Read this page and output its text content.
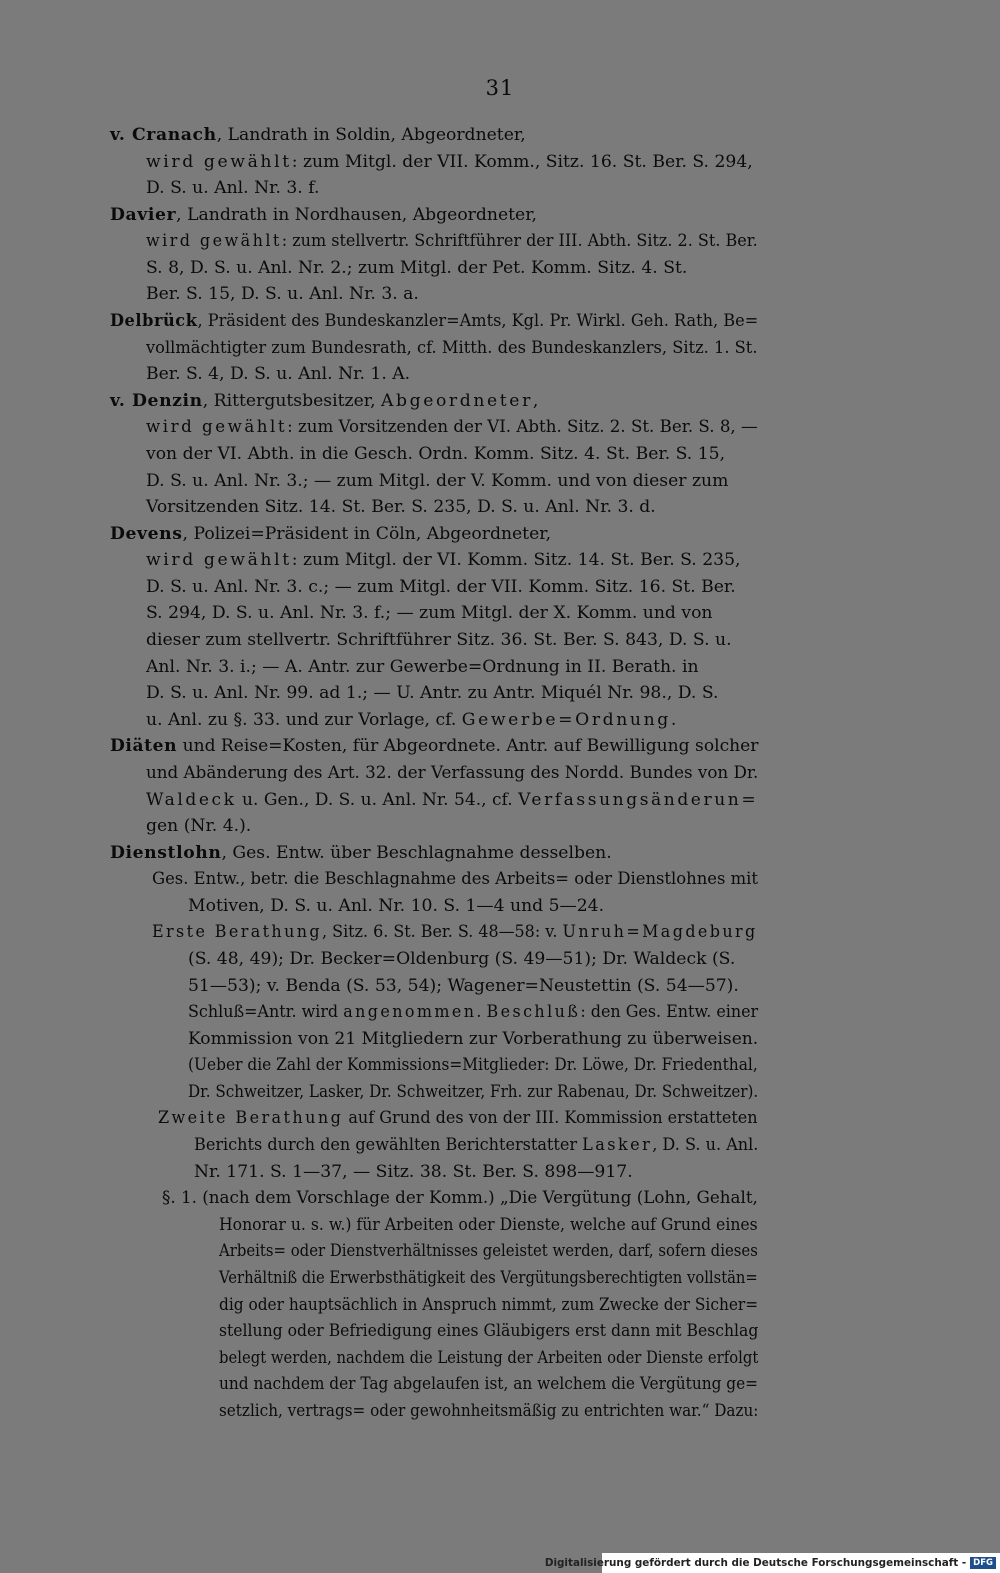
31
v. Cranach, Landrath in Soldin, Abgeordneter,
wird gewählt: zum Mitgl. der VII. Komm., Sitz. 16. St. Ber. S. 294,
D. S. u. Anl. Nr. 3. f.
Davier, Landrath in Nordhausen, Abgeordneter,
wird gewählt: zum stellvertr. Schriftführer der III. Abth. Sitz. 2. St. Ber.
S. 8, D. S. u. Anl. Nr. 2.; zum Mitgl. der Pet. Komm. Sitz. 4. St.
Ber. S. 15, D. S. u. Anl. Nr. 3. a.
Delbrück, Präsident des Bundeskanzler=Amts, Kgl. Pr. Wirkl. Geh. Rath, Be=
vollmächtigter zum Bundesrath, cf. Mitth. des Bundeskanzlers, Sitz. 1. St.
Ber. S. 4, D. S. u. Anl. Nr. 1. A.
v. Denzin, Rittergutsbesitzer, Abgeordneter,
wird gewählt: zum Vorsitzenden der VI. Abth. Sitz. 2. St. Ber. S. 8, —
von der VI. Abth. in die Gesch. Ordn. Komm. Sitz. 4. St. Ber. S. 15,
D. S. u. Anl. Nr. 3.; — zum Mitgl. der V. Komm. und von dieser zum
Vorsitzenden Sitz. 14. St. Ber. S. 235, D. S. u. Anl. Nr. 3. d.
Devens, Polizei=Präsident in Cöln, Abgeordneter,
wird gewählt: zum Mitgl. der VI. Komm. Sitz. 14. St. Ber. S. 235,
D. S. u. Anl. Nr. 3. c.; — zum Mitgl. der VII. Komm. Sitz. 16. St. Ber.
S. 294, D. S. u. Anl. Nr. 3. f.; — zum Mitgl. der X. Komm. und von
dieser zum stellvertr. Schriftführer Sitz. 36. St. Ber. S. 843, D. S. u.
Anl. Nr. 3. i.; — A. Antr. zur Gewerbe=Ordnung in II. Berath. in
D. S. u. Anl. Nr. 99. ad 1.; — U. Antr. zu Antr. Miquél Nr. 98., D. S.
u. Anl. zu §. 33. und zur Vorlage, cf. Gewerbe=Ordnung.
Diäten und Reise=Kosten, für Abgeordnete. Antr. auf Bewilligung solcher
und Abänderung des Art. 32. der Verfassung des Nordd. Bundes von Dr.
Waldeck u. Gen., D. S. u. Anl. Nr. 54., cf. Verfassungsänderun=
gen (Nr. 4.).
Dienstlohn, Ges. Entw. über Beschlagnahme desselben.
Ges. Entw., betr. die Beschlagnahme des Arbeits= oder Dienstlohnes mit
Motiven, D. S. u. Anl. Nr. 10. S. 1—4 und 5—24.
Erste Berathung, Sitz. 6. St. Ber. S. 48—58: v. Unruh=Magdeburg
(S. 48, 49); Dr. Becker=Oldenburg (S. 49—51); Dr. Waldeck (S.
51—53); v. Benda (S. 53, 54); Wagener=Neustettin (S. 54—57).
Schluß=Antr. wird angenommen. Beschluß: den Ges. Entw. einer
Kommission von 21 Mitgliedern zur Vorberathung zu überweisen.
(Ueber die Zahl der Kommissions=Mitglieder: Dr. Löwe, Dr. Friedenthal,
Dr. Schweitzer, Lasker, Dr. Schweitzer, Frh. zur Rabenau, Dr. Schweitzer).
Zweite Berathung auf Grund des von der III. Kommission erstatteten
Berichts durch den gewählten Berichterstatter Lasker, D. S. u. Anl.
Nr. 171. S. 1—37, — Sitz. 38. St. Ber. S. 898—917.
§. 1. (nach dem Vorschlage der Komm.) „Die Vergütung (Lohn, Gehalt,
Honorar u. s. w.) für Arbeiten oder Dienste, welche auf Grund eines
Arbeits= oder Dienstverhältnisses geleistet werden, darf, sofern dieses
Verhältniß die Erwerbsthätigkeit des Vergütungsberechtigten vollstän=
dig oder hauptsächlich in Anspruch nimmt, zum Zwecke der Sicher=
stellung oder Befriedigung eines Gläubigers erst dann mit Beschlag
belegt werden, nachdem die Leistung der Arbeiten oder Dienste erfolgt
und nachdem der Tag abgelaufen ist, an welchem die Vergütung ge=
setzlich, vertrags= oder gewohnheitsmäßig zu entrichten war.“ Dazu:
Digitalisierung gefördert durch die Deutsche Forschungsgemeinschaft - DFG
